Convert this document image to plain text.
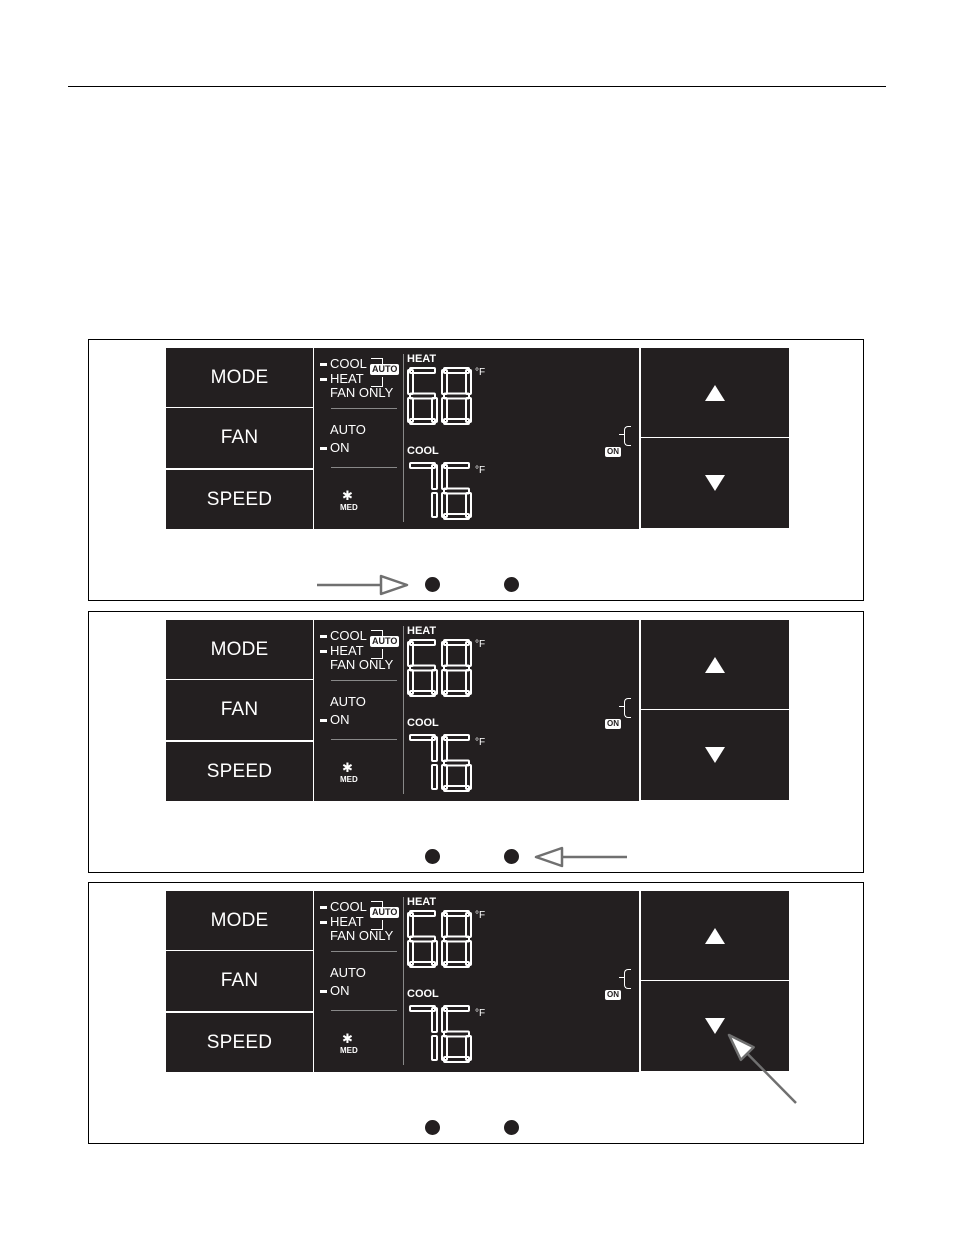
MODE
FAN
SPEED
COOL
HEAT
FAN ONLY
AUTO
AUTO
ON
✱
MED
HEAT
COOL
°F
°F
ON
MODE
FAN
SPEED
COOL
HEAT
FAN ONLY
AUTO
AUTO
ON
✱
MED
HEAT
COOL
°F
°F
ON
MODE
FAN
SPEED
COOL
HEAT
FAN ONLY
AUTO
AUTO
ON
✱
MED
HEAT
COOL
°F
°F
ON
